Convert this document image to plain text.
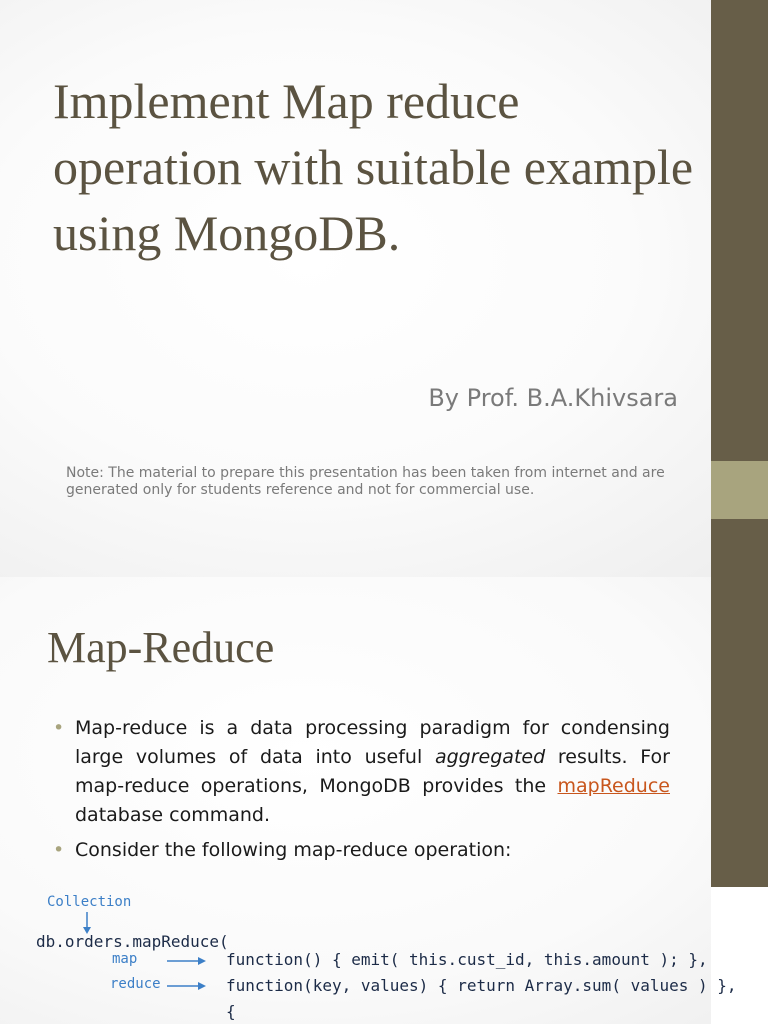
Implement Map reduce operation with suitable example using MongoDB.
By Prof. B.A.Khivsara
Note: The material to prepare this presentation has been taken from internet and are generated only for students reference and not for commercial use.
Map-Reduce
• Map-reduce is a data processing paradigm for condensing large volumes of data into useful aggregated results. For map-reduce operations, MongoDB provides the mapReduce database command.
• Consider the following map-reduce operation:
Collection
db.orders.mapReduce(
map	function() { emit( this.cust_id, this.amount ); },
reduce	function(key, values) { return Array.sum( values ) },
{
